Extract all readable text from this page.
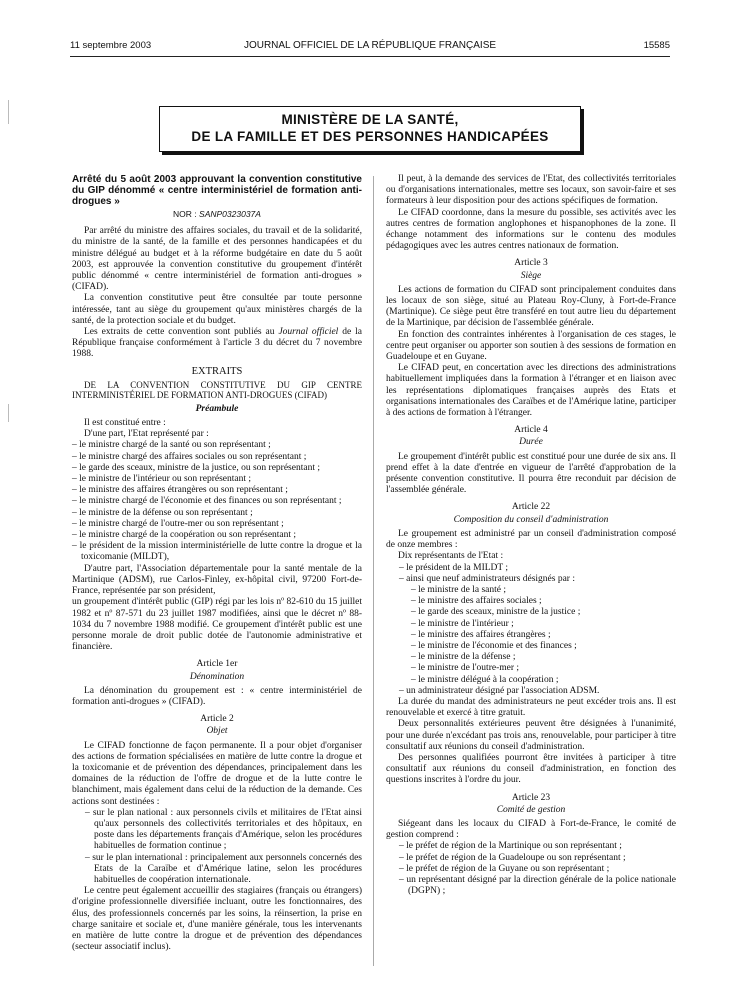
11 septembre 2003	JOURNAL OFFICIEL DE LA RÉPUBLIQUE FRANÇAISE	15585
MINISTÈRE DE LA SANTÉ,
DE LA FAMILLE ET DES PERSONNES HANDICAPÉES

Arrêté du 5 août 2003 approuvant la convention constitutive du GIP dénommé « centre interministériel de formation anti-drogues »

NOR : SANP0323037A

Par arrêté du ministre des affaires sociales, du travail et de la solidarité, du ministre de la santé, de la famille et des personnes handicapées et du ministre délégué au budget et à la réforme budgétaire en date du 5 août 2003, est approuvée la convention constitutive du groupement d'intérêt public dénommé « centre interministériel de formation anti-drogues » (CIFAD).

La convention constitutive peut être consultée par toute personne intéressée, tant au siège du groupement qu'aux ministères chargés de la santé, de la protection sociale et du budget.

Les extraits de cette convention sont publiés au Journal officiel de la République française conformément à l'article 3 du décret du 7 novembre 1988.

EXTRAITS

DE LA CONVENTION CONSTITUTIVE DU GIP CENTRE INTERMINISTÉRIEL DE FORMATION ANTI-DROGUES (CIFAD)

Préambule

Il est constitué entre :

D'une part, l'Etat représenté par :

– le ministre chargé de la santé ou son représentant ;
– le ministre chargé des affaires sociales ou son représentant ;
– le garde des sceaux, ministre de la justice, ou son représentant ;
– le ministre de l'intérieur ou son représentant ;
– le ministre des affaires étrangères ou son représentant ;
– le ministre chargé de l'économie et des finances ou son représentant ;
– le ministre de la défense ou son représentant ;
– le ministre chargé de l'outre-mer ou son représentant ;
– le ministre chargé de la coopération ou son représentant ;
– le président de la mission interministérielle de lutte contre la drogue et la toxicomanie (MILDT),

D'autre part, l'Association départementale pour la santé mentale de la Martinique (ADSM), rue Carlos-Finley, ex-hôpital civil, 97200 Fort-de-France, représentée par son président,

un groupement d'intérêt public (GIP) régi par les lois nº 82-610 du 15 juillet 1982 et nº 87-571 du 23 juillet 1987 modifiées, ainsi que le décret nº 88-1034 du 7 novembre 1988 modifié. Ce groupement d'intérêt public est une personne morale de droit public dotée de l'autonomie administrative et financière.

Article 1er
Dénomination

La dénomination du groupement est : « centre interministériel de formation anti-drogues » (CIFAD).

Article 2
Objet

Le CIFAD fonctionne de façon permanente. Il a pour objet d'organiser des actions de formation spécialisées en matière de lutte contre la drogue et la toxicomanie et de prévention des dépendances, principalement dans les domaines de la réduction de l'offre de drogue et de la lutte contre le blanchiment, mais également dans celui de la réduction de la demande. Ces actions sont destinées :

– sur le plan national : aux personnels civils et militaires de l'Etat ainsi qu'aux personnels des collectivités territoriales et des hôpitaux, en poste dans les départements français d'Amérique, selon les procédures habituelles de formation continue ;
– sur le plan international : principalement aux personnels concernés des Etats de la Caraïbe et d'Amérique latine, selon les procédures habituelles de coopération internationale.

Le centre peut également accueillir des stagiaires (français ou étrangers) d'origine professionnelle diversifiée incluant, outre les fonctionnaires, des élus, des professionnels concernés par les soins, la réinsertion, la prise en charge sanitaire et sociale et, d'une manière générale, tous les intervenants en matière de lutte contre la drogue et de prévention des dépendances (secteur associatif inclus).

Il peut, à la demande des services de l'Etat, des collectivités territoriales ou d'organisations internationales, mettre ses locaux, son savoir-faire et ses formateurs à leur disposition pour des actions spécifiques de formation.

Le CIFAD coordonne, dans la mesure du possible, ses activités avec les autres centres de formation anglophones et hispanophones de la zone. Il échange notamment des informations sur le contenu des modules pédagogiques avec les autres centres nationaux de formation.

Article 3
Siège

Les actions de formation du CIFAD sont principalement conduites dans les locaux de son siège, situé au Plateau Roy-Cluny, à Fort-de-France (Martinique). Ce siège peut être transféré en tout autre lieu du département de la Martinique, par décision de l'assemblée générale.

En fonction des contraintes inhérentes à l'organisation de ces stages, le centre peut organiser ou apporter son soutien à des sessions de formation en Guadeloupe et en Guyane.

Le CIFAD peut, en concertation avec les directions des administrations habituellement impliquées dans la formation à l'étranger et en liaison avec les représentations diplomatiques françaises auprès des Etats et organisations internationales des Caraïbes et de l'Amérique latine, participer à des actions de formation à l'étranger.

Article 4
Durée

Le groupement d'intérêt public est constitué pour une durée de six ans. Il prend effet à la date d'entrée en vigueur de l'arrêté d'approbation de la présente convention constitutive. Il pourra être reconduit par décision de l'assemblée générale.

Article 22
Composition du conseil d'administration

Le groupement est administré par un conseil d'administration composé de onze membres :

Dix représentants de l'Etat :

– le président de la MILDT ;
– ainsi que neuf administrateurs désignés par :
– le ministre de la santé ;
– le ministre des affaires sociales ;
– le garde des sceaux, ministre de la justice ;
– le ministre de l'intérieur ;
– le ministre des affaires étrangères ;
– le ministre de l'économie et des finances ;
– le ministre de la défense ;
– le ministre de l'outre-mer ;
– le ministre délégué à la coopération ;
– un administrateur désigné par l'association ADSM.

La durée du mandat des administrateurs ne peut excéder trois ans. Il est renouvelable et exercé à titre gratuit.

Deux personnalités extérieures peuvent être désignées à l'unanimité, pour une durée n'excédant pas trois ans, renouvelable, pour participer à titre consultatif aux réunions du conseil d'administration.

Des personnes qualifiées pourront être invitées à participer à titre consultatif aux réunions du conseil d'administration, en fonction des questions inscrites à l'ordre du jour.

Article 23
Comité de gestion

Siégeant dans les locaux du CIFAD à Fort-de-France, le comité de gestion comprend :

– le préfet de région de la Martinique ou son représentant ;
– le préfet de région de la Guadeloupe ou son représentant ;
– le préfet de région de la Guyane ou son représentant ;
– un représentant désigné par la direction générale de la police nationale (DGPN) ;
